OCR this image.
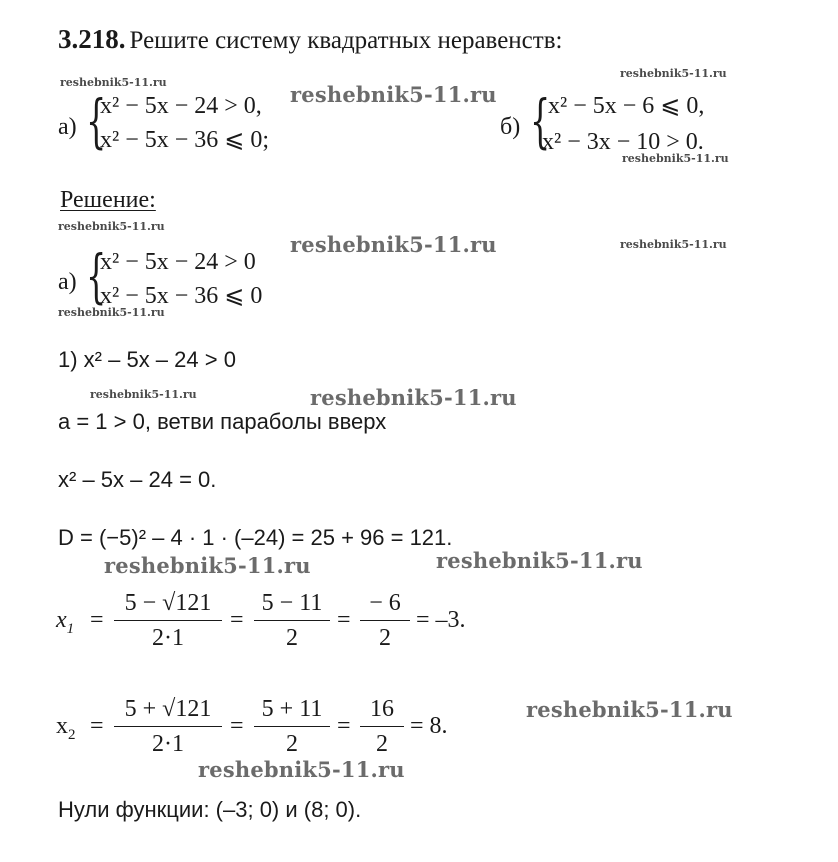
3.218. Решите систему квадратных неравенств:
reshebnik5-11.ru
reshebnik5-11.ru
а) {
x² − 5x − 24 > 0,
x² − 5x − 36 ⩽ 0;
reshebnik5-11.ru
б) {
x² − 5x − 6 ⩽ 0,
x² − 3x − 10 > 0.
reshebnik5-11.ru
Решение:
reshebnik5-11.ru
reshebnik5-11.ru	reshebnik5-11.ru
а) {
x² − 5x − 24 > 0
x² − 5x − 36 ⩽ 0
reshebnik5-11.ru
1) x² – 5x – 24 > 0
reshebnik5-11.ru	reshebnik5-11.ru
a = 1 > 0, ветви параболы вверх
x² – 5x – 24 = 0.
D = (−5)² – 4 · 1 · (–24) = 25 + 96 = 121.
reshebnik5-11.ru	reshebnik5-11.ru
$x_1$ =
5 − √121
2·1
=
5 − 11
2
=
− 6
2
= –3.
$x_2$ =
5 + √121
2·1
=
5 + 11
2
=
16
2
= 8.
reshebnik5-11.ru
reshebnik5-11.ru
Нули функции: (–3; 0) и (8; 0).
